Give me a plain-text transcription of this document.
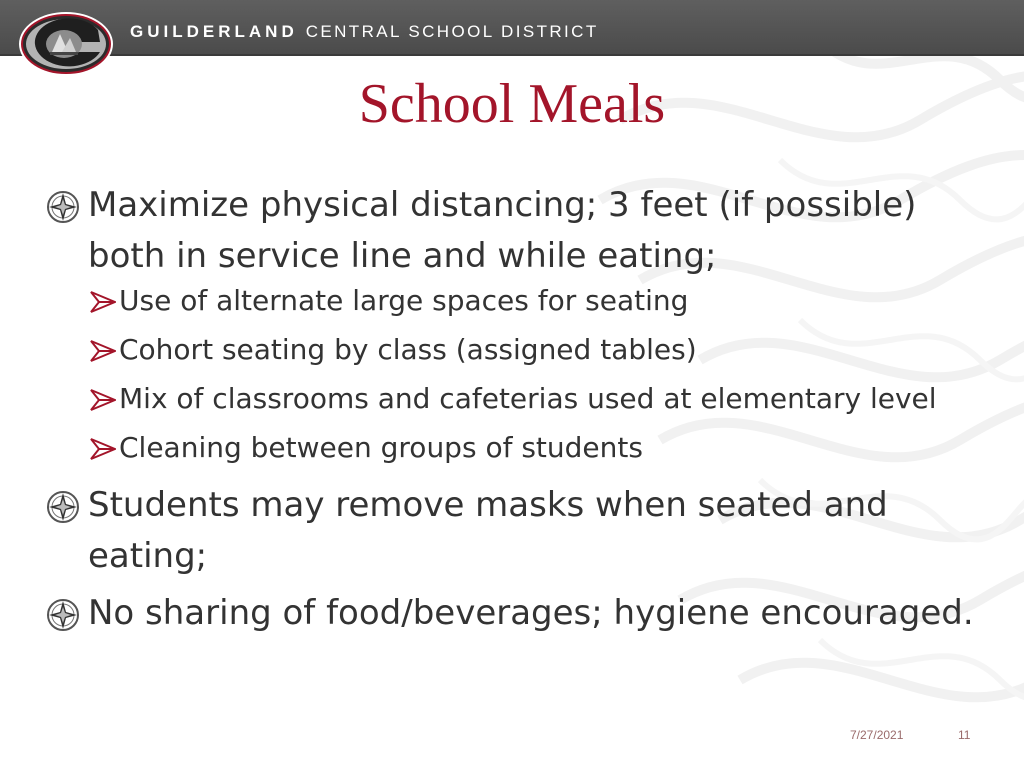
GUILDERLAND CENTRAL SCHOOL DISTRICT
School Meals
Maximize physical distancing; 3 feet (if possible) both in service line and while eating;
Use of alternate large spaces for seating
Cohort seating by class (assigned tables)
Mix of classrooms and cafeterias used at elementary level
Cleaning between groups of students
Students may remove masks when seated and eating;
No sharing of food/beverages; hygiene encouraged.
7/27/2021	11
